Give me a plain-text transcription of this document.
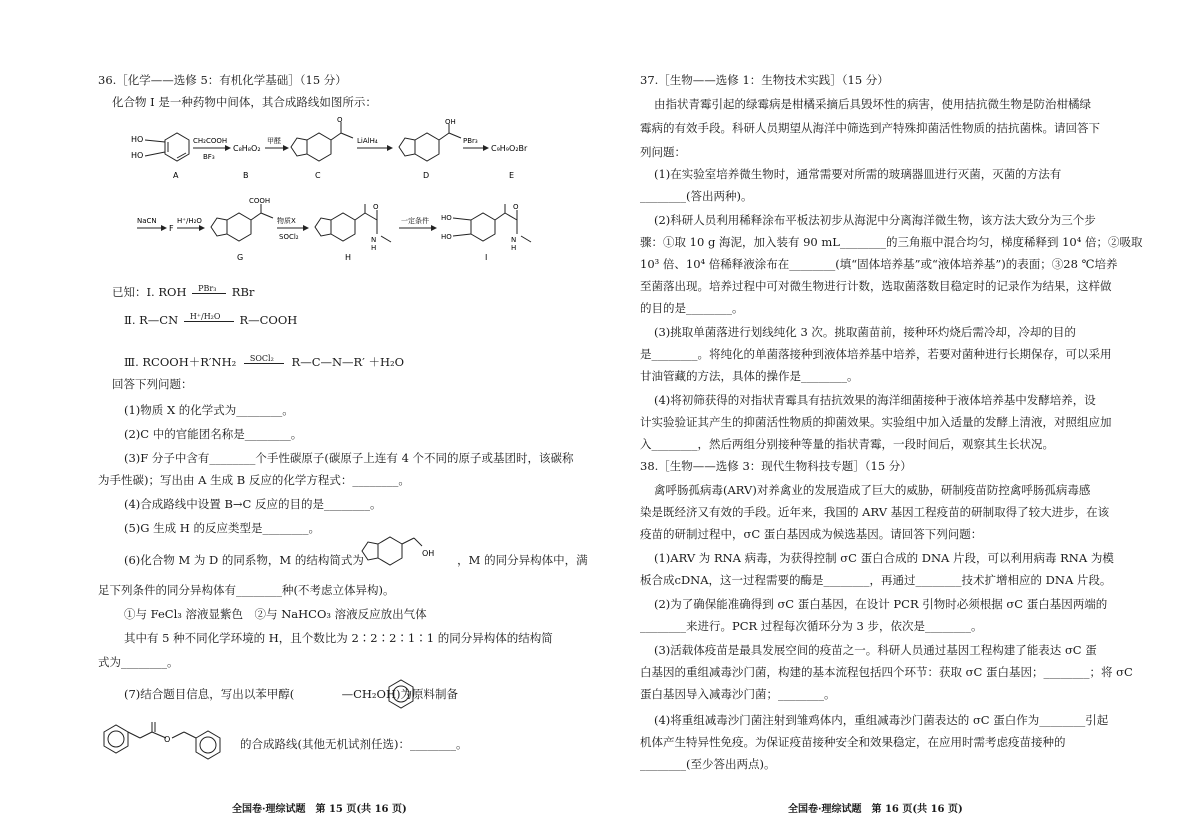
36.［化学——选修 5：有机化学基础］（15 分）
化合物 I 是一种药物中间体，其合成路线如图所示：
HO
HO
A
CH₂COOH
BF₃
C₈H₈O₂
B
甲醛
O
C
LiAlH₄
OH
D
PBr₃
C₉H₉O₂Br
E
NaCN
F
H⁺/H₂O
COOH
G
物质X
SOCl₂
O
N
H
H
一定条件 HO
HO
O
N
H
I
已知：Ⅰ. ROH PBr₃ RBr
Ⅱ. R—CN H⁺/H₂O R—COOH
Ⅲ. RCOOH＋R′NH₂ SOCl₂ R—C—N—R′ ＋H₂O
回答下列问题：
(1)物质 X 的化学式为________。
(2)C 中的官能团名称是________。
(3)F 分子中含有________个手性碳原子(碳原子上连有 4 个不同的原子或基团时，该碳称
为手性碳)；写出由 A 生成 B 反应的化学方程式：________。
(4)合成路线中设置 B→C 反应的目的是________。
(5)G 生成 H 的反应类型是________。
(6)化合物 M 为 D 的同系物，M 的结构简式为	，M 的同分异构体中，满
OH
足下列条件的同分异构体有________种(不考虑立体异构)。
①与 FeCl₃ 溶液显紫色　②与 NaHCO₃ 溶液反应放出气体
其中有 5 种不同化学环境的 H，且个数比为 2∶2∶2∶1∶1 的同分异构体的结构简
式为________。
(7)结合题目信息，写出以苯甲醇(	—CH₂OH)为原料制备
O	的合成路线(其他无机试剂任选)：________。
全国卷·理综试题　第 15 页(共 16 页)
37.［生物——选修 1：生物技术实践］（15 分）
由指状青霉引起的绿霉病是柑橘采摘后具毁坏性的病害，使用拮抗微生物是防治柑橘绿
霉病的有效手段。科研人员期望从海洋中筛选到产特殊抑菌活性物质的拮抗菌株。请回答下
列问题：
(1)在实验室培养微生物时，通常需要对所需的玻璃器皿进行灭菌，灭菌的方法有
________(答出两种)。
(2)科研人员利用稀释涂布平板法初步从海泥中分离海洋微生物，该方法大致分为三个步
骤：①取 10 g 海泥，加入装有 90 mL________的三角瓶中混合均匀，梯度稀释到 10⁴ 倍；②吸取
10³ 倍、10⁴ 倍稀释液涂布在________(填“固体培养基”或“液体培养基”)的表面；③28 ℃培养
至菌落出现。培养过程中可对微生物进行计数，选取菌落数目稳定时的记录作为结果，这样做
的目的是________。
(3)挑取单菌落进行划线纯化 3 次。挑取菌苗前，接种环灼烧后需冷却，冷却的目的
是________。将纯化的单菌落接种到液体培养基中培养，若要对菌种进行长期保存，可以采用
甘油管藏的方法，具体的操作是________。
(4)将初筛获得的对指状青霉具有拮抗效果的海洋细菌接种于液体培养基中发酵培养，设
计实验验证其产生的抑菌活性物质的抑菌效果。实验组中加入适量的发酵上清液，对照组应加
入________，然后两组分别接种等量的指状青霉，一段时间后，观察其生长状况。
38.［生物——选修 3：现代生物科技专题］（15 分）
禽呼肠孤病毒(ARV)对养禽业的发展造成了巨大的威胁，研制疫苗防控禽呼肠孤病毒感
染是既经济又有效的手段。近年来，我国的 ARV 基因工程疫苗的研制取得了较大进步，在该
疫苗的研制过程中，σC 蛋白基因成为候选基因。请回答下列问题：
(1)ARV 为 RNA 病毒，为获得控制 σC 蛋白合成的 DNA 片段，可以利用病毒 RNA 为模
板合成cDNA，这一过程需要的酶是________，再通过________技术扩增相应的 DNA 片段。
(2)为了确保能准确得到 σC 蛋白基因，在设计 PCR 引物时必须根据 σC 蛋白基因两端的
________来进行。PCR 过程每次循环分为 3 步，依次是________。
(3)活载体疫苗是最具发展空间的疫苗之一。科研人员通过基因工程构建了能表达 σC 蛋
白基因的重组减毒沙门菌，构建的基本流程包括四个环节：获取 σC 蛋白基因；________；将 σC
蛋白基因导入减毒沙门菌；________。
(4)将重组减毒沙门菌注射到雏鸡体内，重组减毒沙门菌表达的 σC 蛋白作为________引起
机体产生特异性免疫。为保证疫苗接种安全和效果稳定，在应用时需考虑疫苗接种的
________(至少答出两点)。
全国卷·理综试题　第 16 页(共 16 页)
